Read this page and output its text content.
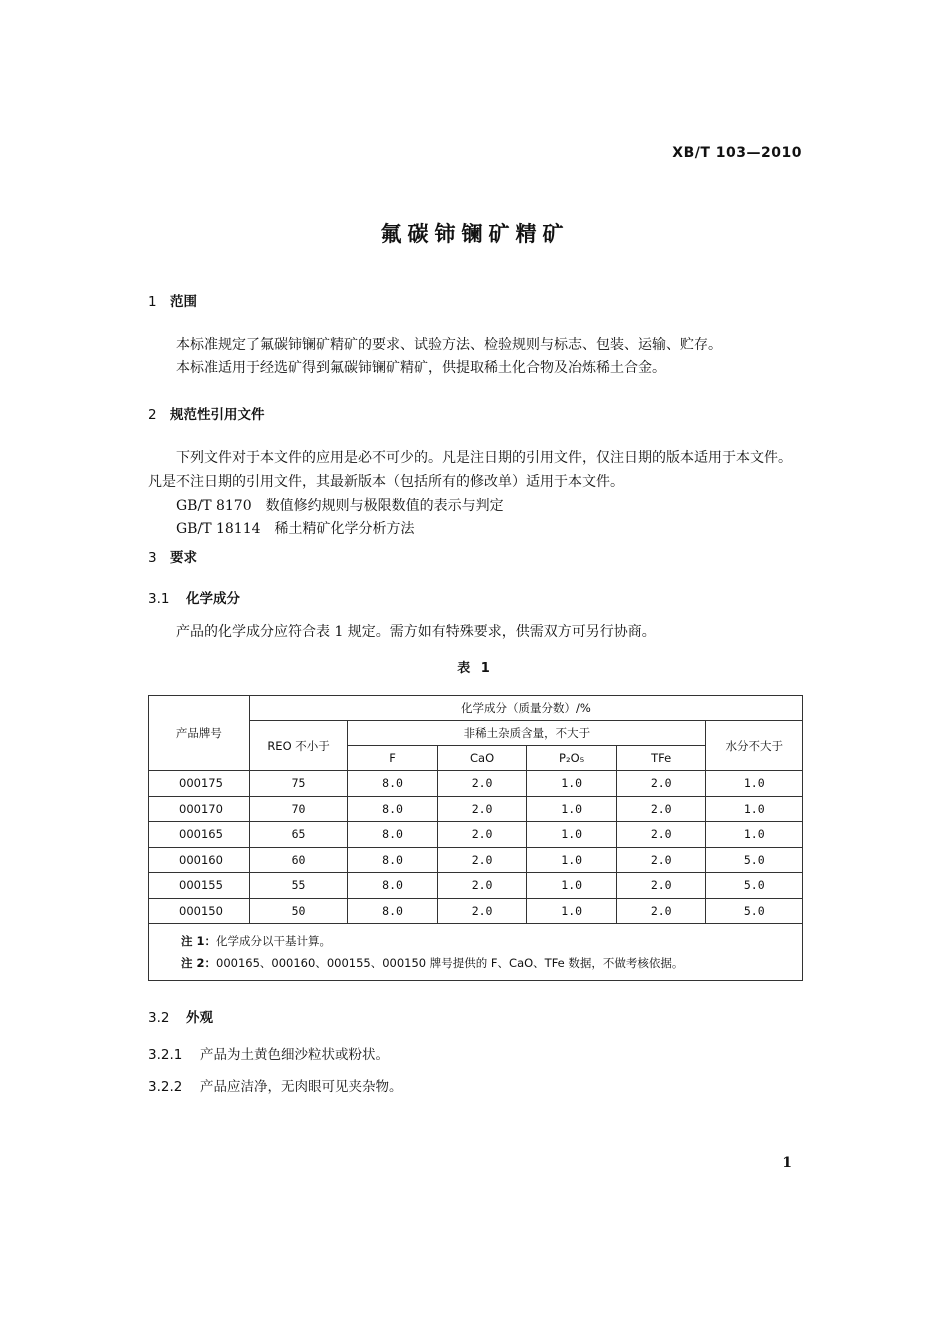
XB/T 103—2010
氟碳铈镧矿精矿
1 范围
本标准规定了氟碳铈镧矿精矿的要求、试验方法、检验规则与标志、包装、运输、贮存。
本标准适用于经选矿得到氟碳铈镧矿精矿，供提取稀土化合物及冶炼稀土合金。
2 规范性引用文件
下列文件对于本文件的应用是必不可少的。凡是注日期的引用文件，仅注日期的版本适用于本文件。凡是不注日期的引用文件，其最新版本（包括所有的修改单）适用于本文件。
GB/T 8170 数值修约规则与极限数值的表示与判定
GB/T 18114 稀土精矿化学分析方法
3 要求
3.1 化学成分
产品的化学成分应符合表 1 规定。需方如有特殊要求，供需双方可另行协商。
表 1
产品牌号	化学成分（质量分数）/%					
	REO 不小于	非稀土杂质含量，不大于				水分不大于
		F	CaO	P₂O₅	TFe	
000175	75	8.0	2.0	1.0	2.0	1.0
000170	70	8.0	2.0	1.0	2.0	1.0
000165	65	8.0	2.0	1.0	2.0	1.0
000160	60	8.0	2.0	1.0	2.0	5.0
000155	55	8.0	2.0	1.0	2.0	5.0
000150	50	8.0	2.0	1.0	2.0	5.0

注 1：化学成分以干基计算。
注 2：000165、000160、000155、000150 牌号提供的 F、CaO、TFe 数据，不做考核依据。						
3.2 外观
3.2.1 产品为土黄色细沙粒状或粉状。
3.2.2 产品应洁净，无肉眼可见夹杂物。
1
